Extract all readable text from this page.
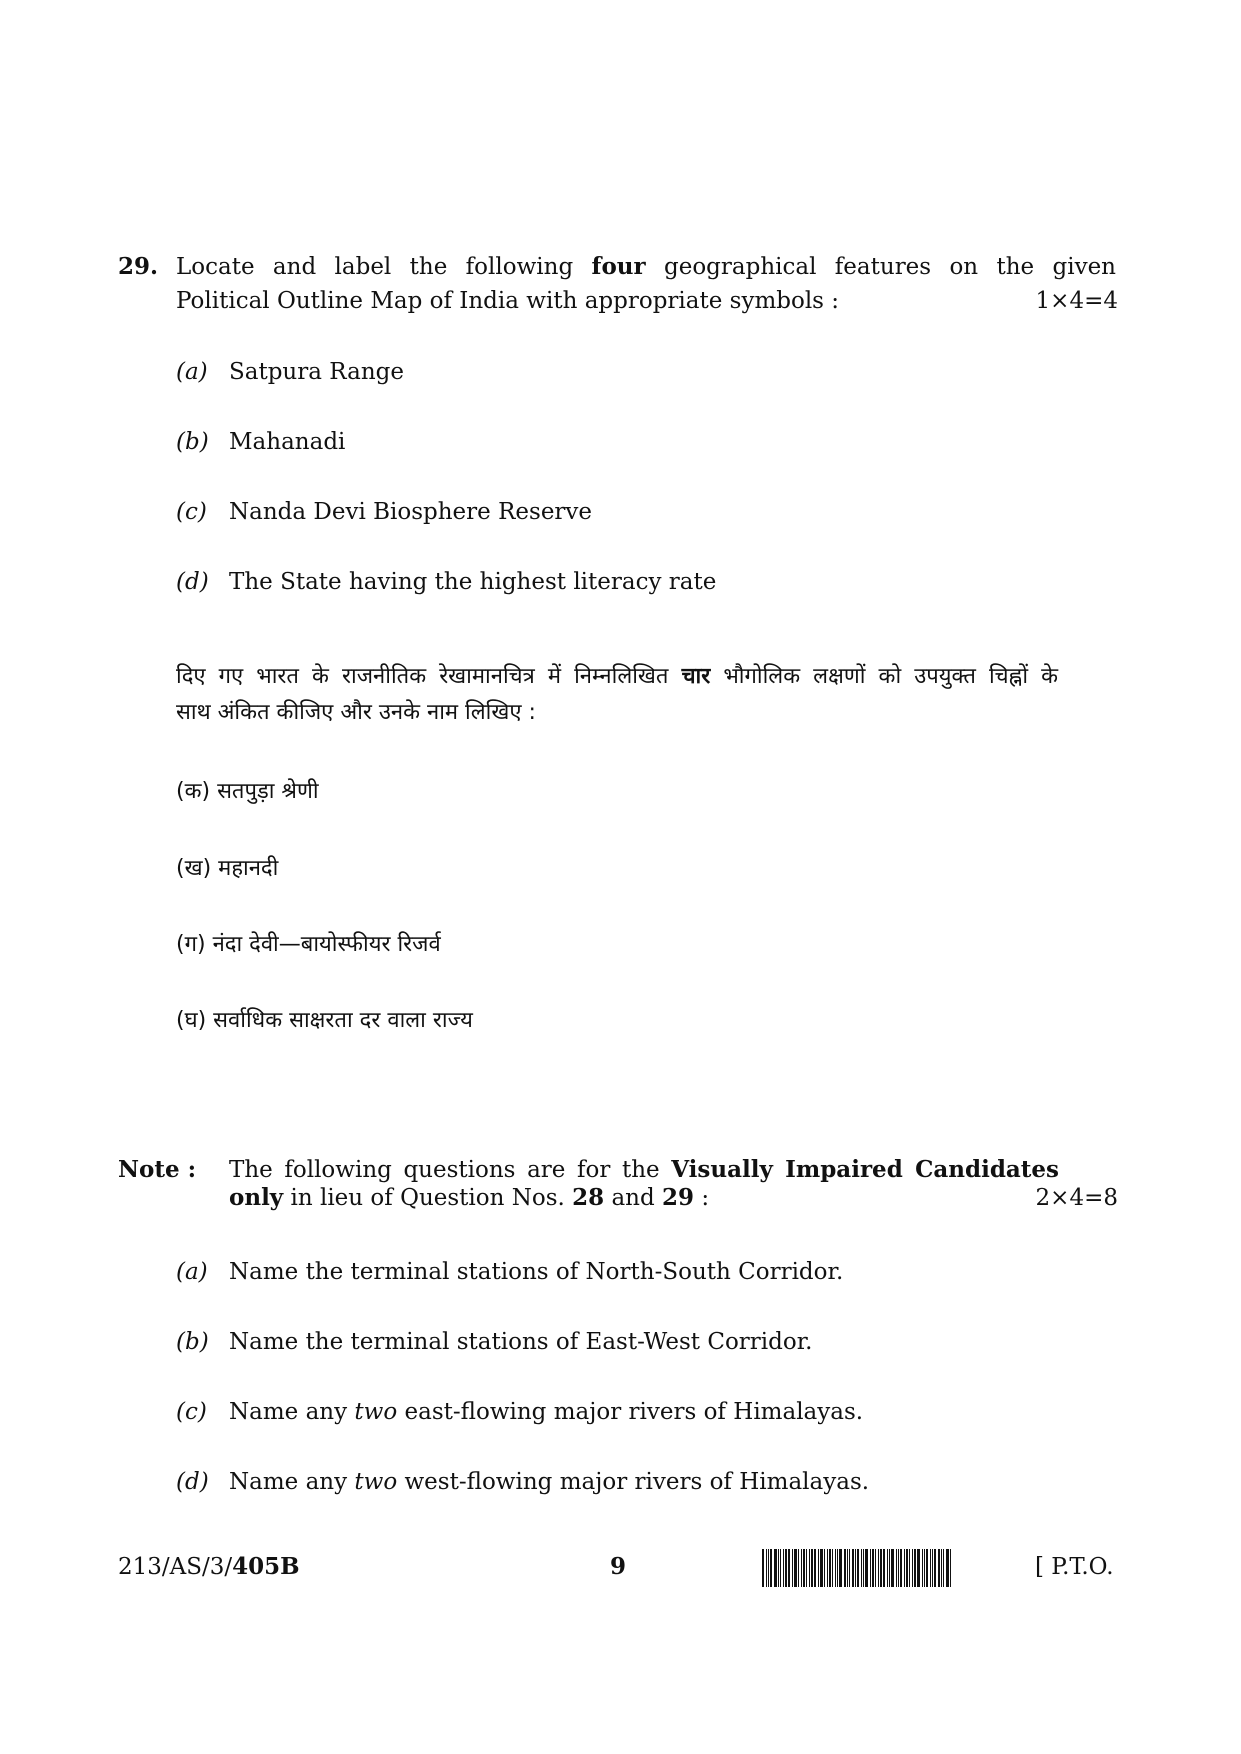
29. Locate and label the following four geographical features on the given
Political Outline Map of India with appropriate symbols :	1×4=4
(a) Satpura Range
(b) Mahanadi
(c) Nanda Devi Biosphere Reserve
(d) The State having the highest literacy rate
दिए गए भारत के राजनीतिक रेखामानचित्र में निम्नलिखित चार भौगोलिक लक्षणों को उपयुक्त चिह्नों के
साथ अंकित कीजिए और उनके नाम लिखिए :
(क) सतपुड़ा श्रेणी
(ख) महानदी
(ग) नंदा देवी—बायोस्फीयर रिजर्व
(घ) सर्वाधिक साक्षरता दर वाला राज्य
Note : The following questions are for the Visually Impaired Candidates
only in lieu of Question Nos. 28 and 29 :	2×4=8
(a) Name the terminal stations of North-South Corridor.
(b) Name the terminal stations of East-West Corridor.
(c) Name any two east-flowing major rivers of Himalayas.
(d) Name any two west-flowing major rivers of Himalayas.
213/AS/3/405B	9	[ P.T.O.
